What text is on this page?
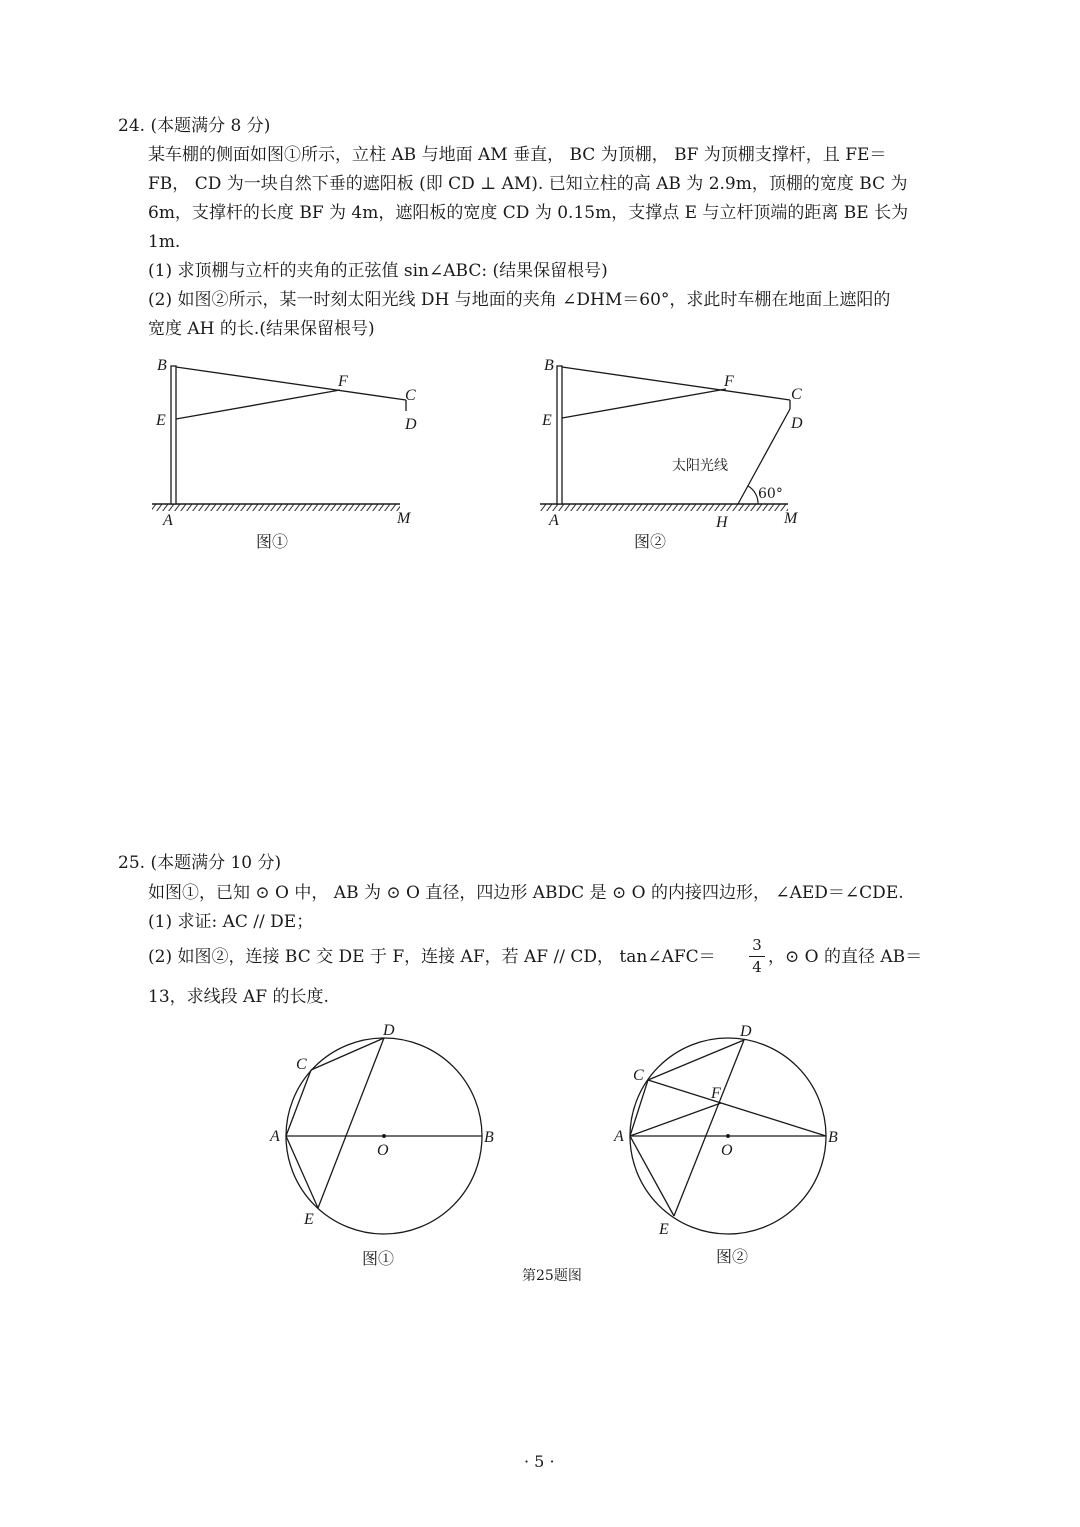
24. (本题满分 8 分)
某车棚的侧面如图①所示，立柱 AB 与地面 AM 垂直， BC 为顶棚， BF 为顶棚支撑杆，且 FE＝
FB， CD 为一块自然下垂的遮阳板 (即 CD ⊥ AM). 已知立柱的高 AB 为 2.9m，顶棚的宽度 BC 为
6m，支撑杆的长度 BF 为 4m，遮阳板的宽度 CD 为 0.15m，支撑点 E 与立杆顶端的距离 BE 长为
1m.
(1) 求顶棚与立杆的夹角的正弦值 sin∠ABC: (结果保留根号)
(2) 如图②所示，某一时刻太阳光线 DH 与地面的夹角 ∠DHM＝60°，求此时车棚在地面上遮阳的
宽度 AH 的长.(结果保留根号)
25. (本题满分 10 分)
如图①，已知 ⊙ O 中， AB 为 ⊙ O 直径，四边形 ABDC 是 ⊙ O 的内接四边形， ∠AED＝∠CDE.
(1) 求证: AC // DE；
(2) 如图②，连接 BC 交 DE 于 F，连接 AF，若 AF // CD， tan∠AFC＝
3
4 ，⊙ O 的直径 AB＝
13，求线段 AF 的长度.
B
E
F
C
D
A	M
图①
B
E
F
C
D
太阳光线
60°
A	H	M
图②
A	B
C
D
E
O
图①
A	B
C
D
E
F
O
图②
第25题图
· 5 ·
